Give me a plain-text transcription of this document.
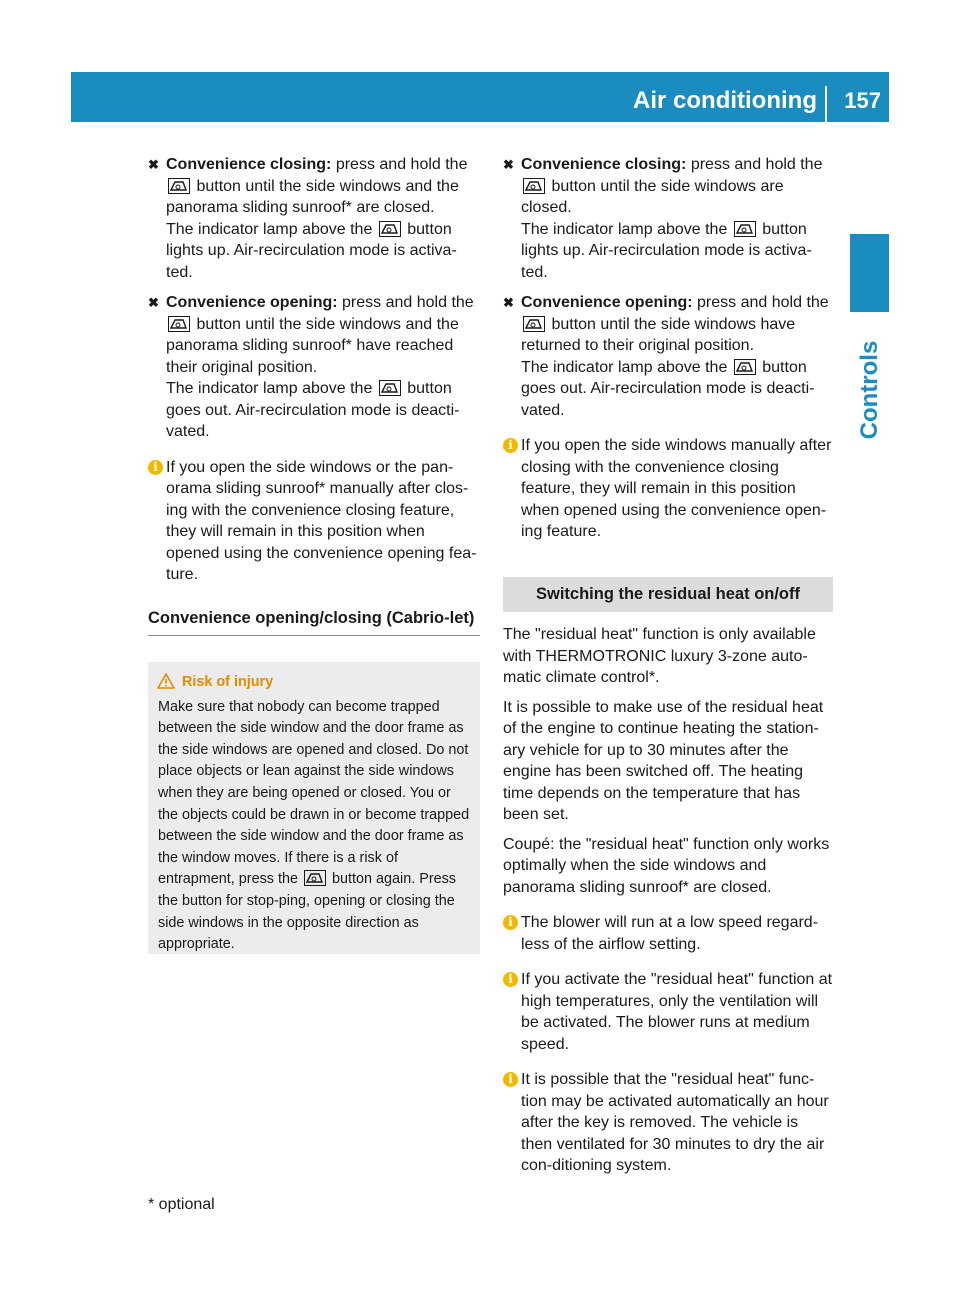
Air conditioning 157
Controls
✖ Convenience closing: press and hold the  button until the side windows and the panorama sliding sunroof* are closed.
The indicator lamp above the button lights up. Air-recirculation mode is activa-ted.
✖ Convenience opening: press and hold the  button until the side windows and the panorama sliding sunroof* have reached their original position.
The indicator lamp above the button goes out. Air-recirculation mode is deacti-vated.
i If you open the side windows or the pan-orama sliding sunroof* manually after clos-ing with the convenience closing feature, they will remain in this position when opened using the convenience opening fea-ture.
Convenience opening/closing (Cabrio-let)
Risk of injury
Make sure that nobody can become trapped between the side window and the door frame as the side windows are opened and closed. Do not place objects or lean against the side windows when they are being opened or closed. You or the objects could be drawn in or become trapped between the side window and the door frame as the window moves. If there is a risk of entrapment, press the button again. Press the button for stop-ping, opening or closing the side windows in the opposite direction as appropriate.
✖ Convenience closing: press and hold the
button until the side windows are closed.
The indicator lamp above the button lights up. Air-recirculation mode is activa-ted.
✖ Convenience opening: press and hold the  button until the side windows have returned to their original position.
The indicator lamp above the button goes out. Air-recirculation mode is deacti-vated.
i If you open the side windows manually after closing with the convenience closing feature, they will remain in this position when opened using the convenience open-ing feature.
Switching the residual heat on/off
The "residual heat" function is only available with THERMOTRONIC luxury 3-zone auto-matic climate control*.
It is possible to make use of the residual heat of the engine to continue heating the station-ary vehicle for up to 30 minutes after the engine has been switched off. The heating time depends on the temperature that has been set.
Coupé: the "residual heat" function only works optimally when the side windows and panorama sliding sunroof* are closed.
i The blower will run at a low speed regard-less of the airflow setting.
i If you activate the "residual heat" function at high temperatures, only the ventilation will be activated. The blower runs at medium speed.
i It is possible that the "residual heat" func-tion may be activated automatically an hour after the key is removed. The vehicle is then ventilated for 30 minutes to dry the air con-ditioning system.
* optional
